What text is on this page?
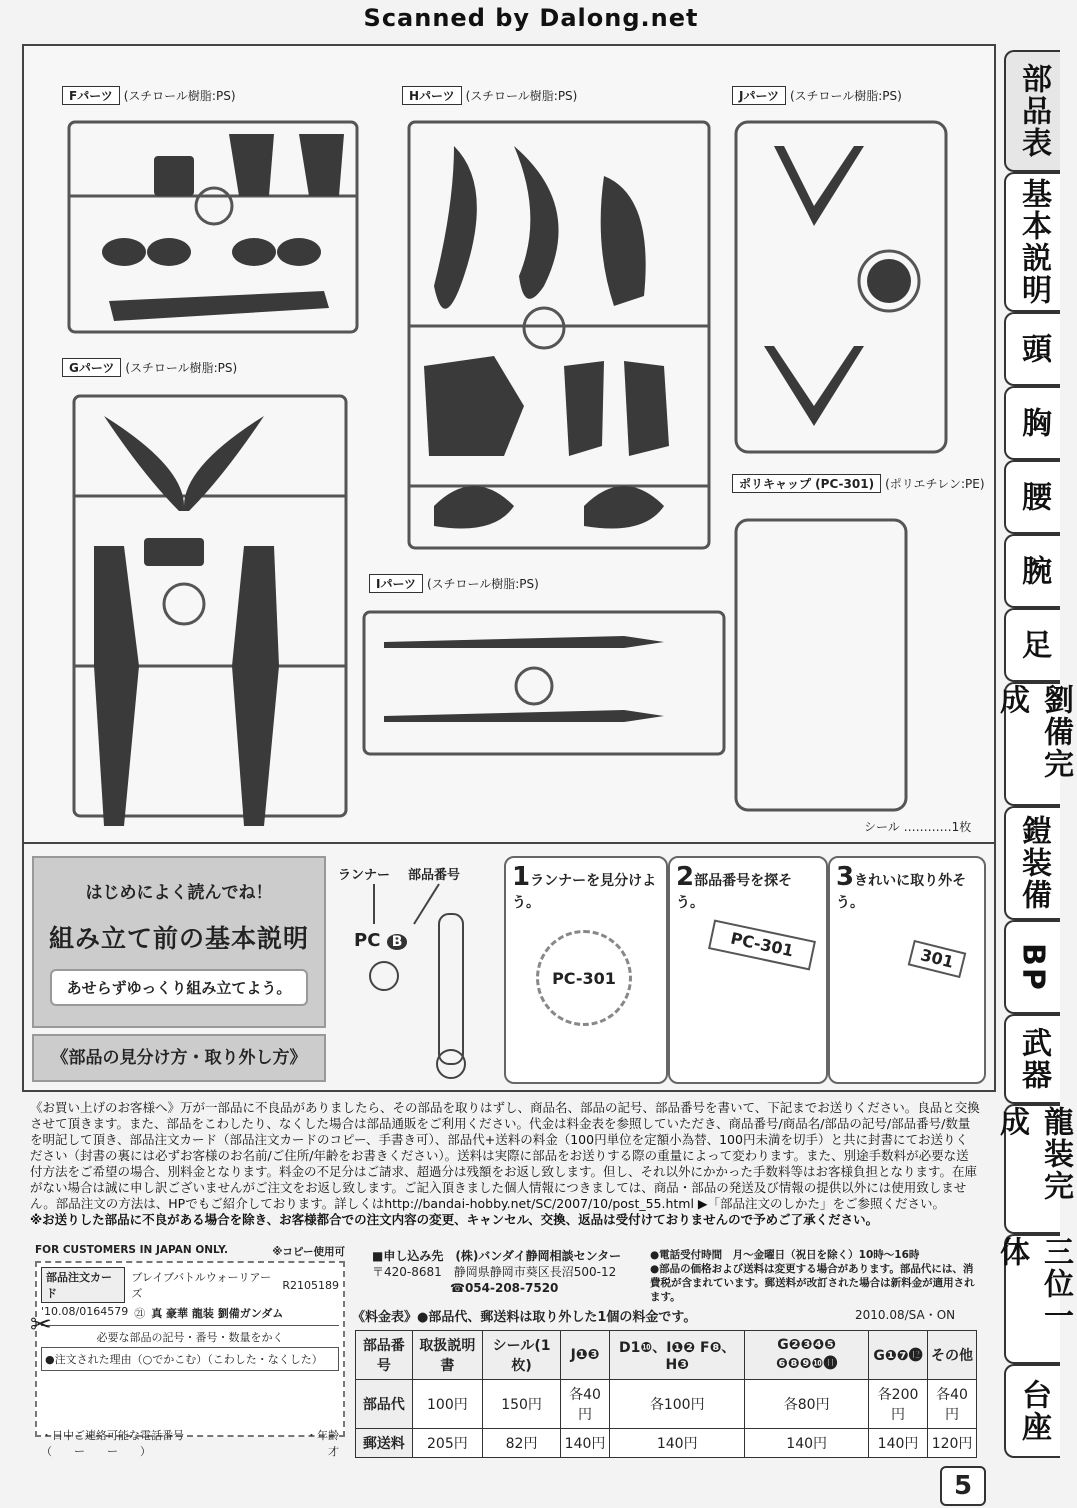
Scanned by Dalong.net
Fパーツ (スチロール樹脂:PS)
Gパーツ (スチロール樹脂:PS)
Hパーツ (スチロール樹脂:PS)
Iパーツ (スチロール樹脂:PS)
Jパーツ (スチロール樹脂:PS)
ポリキャップ (PC-301) (ポリエチレン:PE)
シール …………1枚
部品表
基本説明
頭
胸
腰
腕
足
劉備完成
鎧装備
BP
武器
龍装完成
三位一体
台座
はじめによく読んでね！
組み立て前の基本説明
あせらずゆっくり組み立てよう。
《部品の見分け方・取り外し方》
ランナー 部品番号
PC B
1ランナーを見分けよう。
PC-301
2部品番号を探そう。
PC-301
3きれいに取り外そう。
301
《お買い上げのお客様へ》万が一部品に不良品がありましたら、その部品を取りはずし、商品名、部品の記号、部品番号を書いて、下記までお送りください。良品と交換させて頂きます。また、部品をこわしたり、なくした場合は部品通販をご利用ください。代金は料金表を参照していただき、商品番号/商品名/部品の記号/部品番号/数量を明記して頂き、部品注文カード（部品注文カードのコピー、手書き可）、部品代+送料の料金（100円単位を定額小為替、100円未満を切手）と共に封書にてお送りください（封書の裏には必ずお客様のお名前/ご住所/年齢をお書きください）。送料は実際に部品をお送りする際の重量によって変わります。また、別途手数料が必要な送付方法をご希望の場合、別料金となります。料金の不足分はご請求、超過分は残額をお返し致します。但し、それ以外にかかった手数料等はお客様負担となります。在庫がない場合は誠に申し訳ございませんがご注文をお返し致します。ご記入頂きました個人情報につきましては、商品・部品の発送及び情報の提供以外には使用致しません。部品注文の方法は、HPでもご紹介しております。詳しくはhttp://bandai-hobby.net/SC/2007/10/post_55.html ▶「部品注文のしかた」をご参照ください。
※お送りした部品に不良がある場合を除き、お客様都合での注文内容の変更、キャンセル、交換、返品は受付けておりませんので予めご了承ください。
FOR CUSTOMERS IN JAPAN ONLY.	※コピー使用可
部品注文カード
ブレイブバトルウォーリアーズ
R2105189
'10.08/0164579 ㉑ 真 豪華 龍装 劉備ガンダム
必要な部品の記号・番号・数量をかく
●注文された理由（○でかこむ）（こわした・なくした）
・日中ご連絡可能な電話番号	・年齢
（　　ー　　ー　　）	才
■申し込み先　(株)バンダイ静岡相談センター
〒420-8681　静岡県静岡市葵区長沼500-12
☎054-208-7520
●電話受付時間　月〜金曜日（祝日を除く）10時〜16時
●部品の価格および送料は変更する場合があります。部品代には、消費税が含まれています。郵送料が改訂された場合は新料金が適用されます。
《料金表》●部品代、郵送料は取り外した1個の料金です。	2010.08/SA・ON
部品番号	取扱説明書	シール(1枚)	J❶❸	D1❿、I❶❷ F❽、H❸	G❷❸❹❺ ❻❽❾❿⓫	G❶❼⓬	その他
部品代	100円	150円	各40円	各100円	各80円	各200円	各40円
郵送料	205円	82円	140円	140円	140円	140円	120円
✂
5
